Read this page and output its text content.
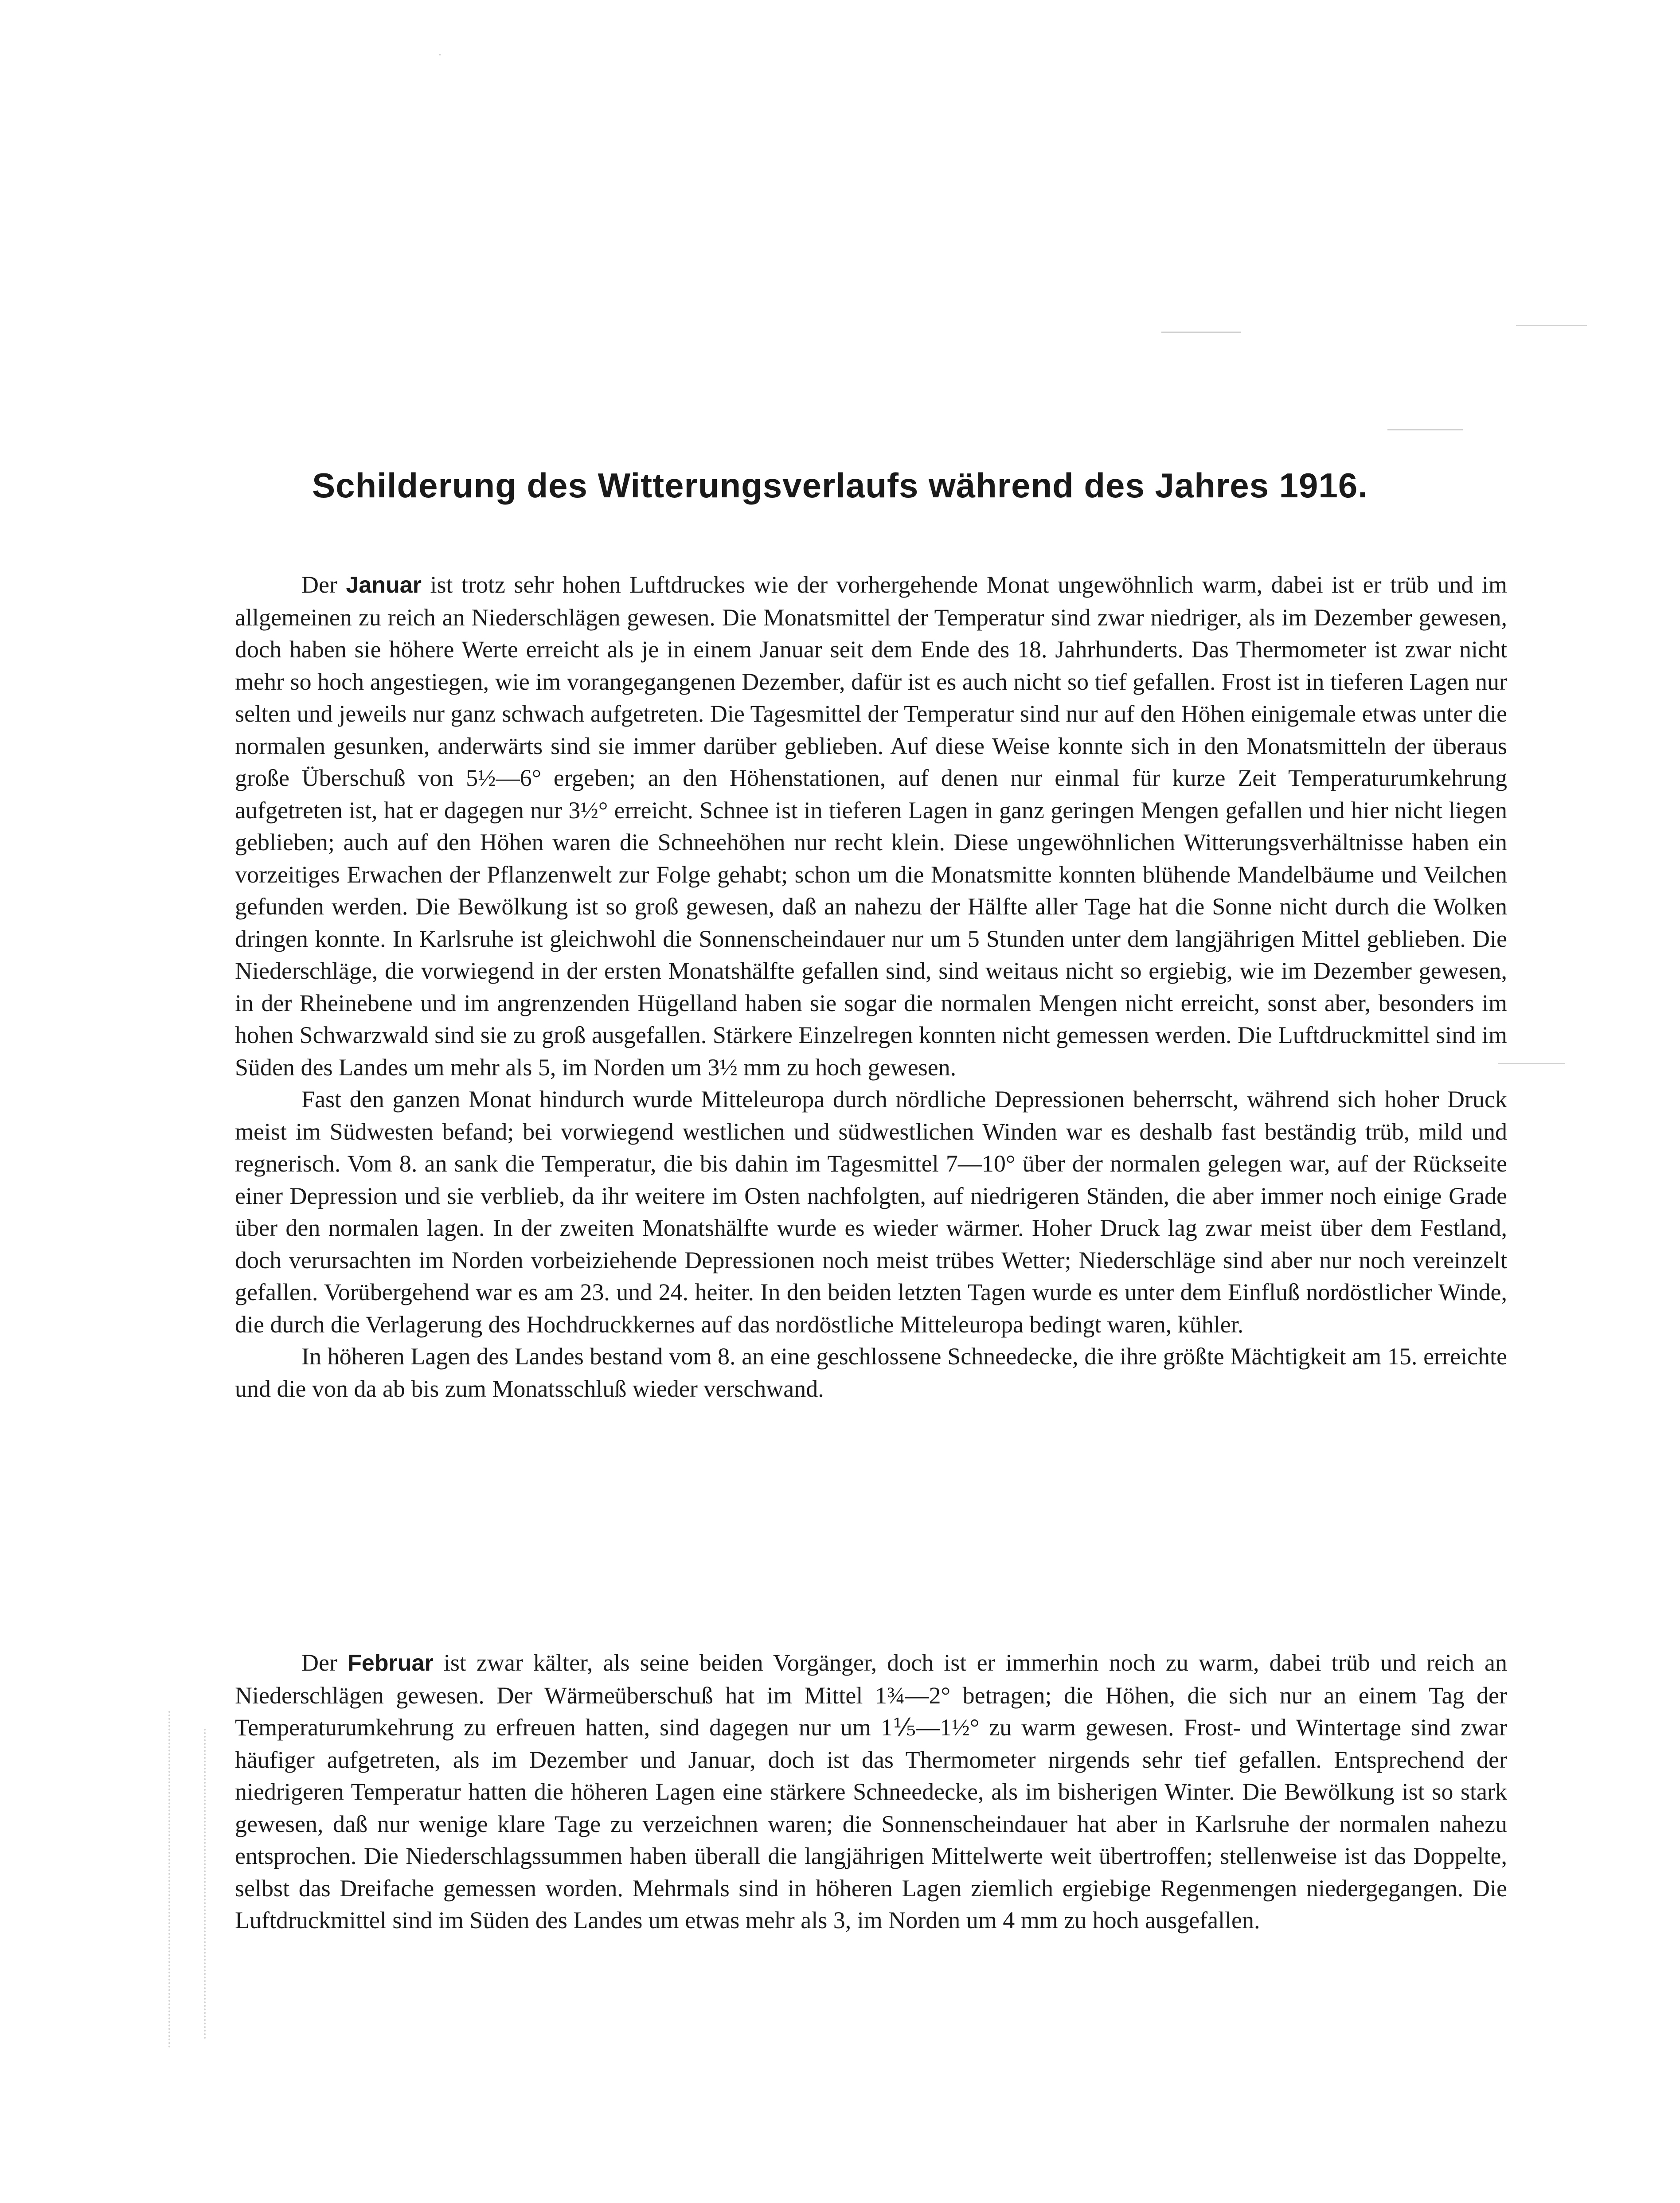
Schilderung des Witterungsverlaufs während des Jahres 1916.

Der Januar ist trotz sehr hohen Luftdruckes wie der vorhergehende Monat ungewöhnlich warm, dabei ist er trüb und im allgemeinen zu reich an Niederschlägen gewesen. Die Monatsmittel der Temperatur sind zwar niedriger, als im Dezember gewesen, doch haben sie höhere Werte erreicht als je in einem Januar seit dem Ende des 18. Jahrhunderts. Das Thermometer ist zwar nicht mehr so hoch angestiegen, wie im vorangegangenen Dezember, dafür ist es auch nicht so tief gefallen. Frost ist in tieferen Lagen nur selten und jeweils nur ganz schwach aufgetreten. Die Tagesmittel der Temperatur sind nur auf den Höhen einigemale etwas unter die normalen gesunken, anderwärts sind sie immer darüber geblieben. Auf diese Weise konnte sich in den Monatsmitteln der überaus große Überschuß von 5½—6° ergeben; an den Höhenstationen, auf denen nur einmal für kurze Zeit Temperaturumkehrung aufgetreten ist, hat er dagegen nur 3½° erreicht. Schnee ist in tieferen Lagen in ganz geringen Mengen gefallen und hier nicht liegen geblieben; auch auf den Höhen waren die Schneehöhen nur recht klein. Diese ungewöhnlichen Witterungsverhältnisse haben ein vorzeitiges Erwachen der Pflanzenwelt zur Folge gehabt; schon um die Monatsmitte konnten blühende Mandelbäume und Veilchen gefunden werden. Die Bewölkung ist so groß gewesen, daß an nahezu der Hälfte aller Tage hat die Sonne nicht durch die Wolken dringen konnte. In Karlsruhe ist gleichwohl die Sonnenscheindauer nur um 5 Stunden unter dem langjährigen Mittel geblieben. Die Niederschläge, die vorwiegend in der ersten Monatshälfte gefallen sind, sind weitaus nicht so ergiebig, wie im Dezember gewesen, in der Rheinebene und im angrenzenden Hügelland haben sie sogar die normalen Mengen nicht erreicht, sonst aber, besonders im hohen Schwarzwald sind sie zu groß ausgefallen. Stärkere Einzelregen konnten nicht gemessen werden. Die Luftdruckmittel sind im Süden des Landes um mehr als 5, im Norden um 3½ mm zu hoch gewesen.

Fast den ganzen Monat hindurch wurde Mitteleuropa durch nördliche Depressionen beherrscht, während sich hoher Druck meist im Südwesten befand; bei vorwiegend westlichen und südwestlichen Winden war es deshalb fast beständig trüb, mild und regnerisch. Vom 8. an sank die Temperatur, die bis dahin im Tagesmittel 7—10° über der normalen gelegen war, auf der Rückseite einer Depression und sie verblieb, da ihr weitere im Osten nachfolgten, auf niedrigeren Ständen, die aber immer noch einige Grade über den normalen lagen. In der zweiten Monatshälfte wurde es wieder wärmer. Hoher Druck lag zwar meist über dem Festland, doch verursachten im Norden vorbeiziehende Depressionen noch meist trübes Wetter; Niederschläge sind aber nur noch vereinzelt gefallen. Vorübergehend war es am 23. und 24. heiter. In den beiden letzten Tagen wurde es unter dem Einfluß nordöstlicher Winde, die durch die Verlagerung des Hochdruckkernes auf das nordöstliche Mitteleuropa bedingt waren, kühler.

In höheren Lagen des Landes bestand vom 8. an eine geschlossene Schneedecke, die ihre größte Mächtigkeit am 15. erreichte und die von da ab bis zum Monatsschluß wieder verschwand.

Der Februar ist zwar kälter, als seine beiden Vorgänger, doch ist er immerhin noch zu warm, dabei trüb und reich an Niederschlägen gewesen. Der Wärmeüberschuß hat im Mittel 1¾—2° betragen; die Höhen, die sich nur an einem Tag der Temperaturumkehrung zu erfreuen hatten, sind dagegen nur um 1⅕—1½° zu warm gewesen. Frost- und Wintertage sind zwar häufiger aufgetreten, als im Dezember und Januar, doch ist das Thermometer nirgends sehr tief gefallen. Entsprechend der niedrigeren Temperatur hatten die höheren Lagen eine stärkere Schneedecke, als im bisherigen Winter. Die Bewölkung ist so stark gewesen, daß nur wenige klare Tage zu verzeichnen waren; die Sonnenscheindauer hat aber in Karlsruhe der normalen nahezu entsprochen. Die Niederschlagssummen haben überall die langjährigen Mittelwerte weit übertroffen; stellenweise ist das Doppelte, selbst das Dreifache gemessen worden. Mehrmals sind in höheren Lagen ziemlich ergiebige Regenmengen niedergegangen. Die Luftdruckmittel sind im Süden des Landes um etwas mehr als 3, im Norden um 4 mm zu hoch ausgefallen.
